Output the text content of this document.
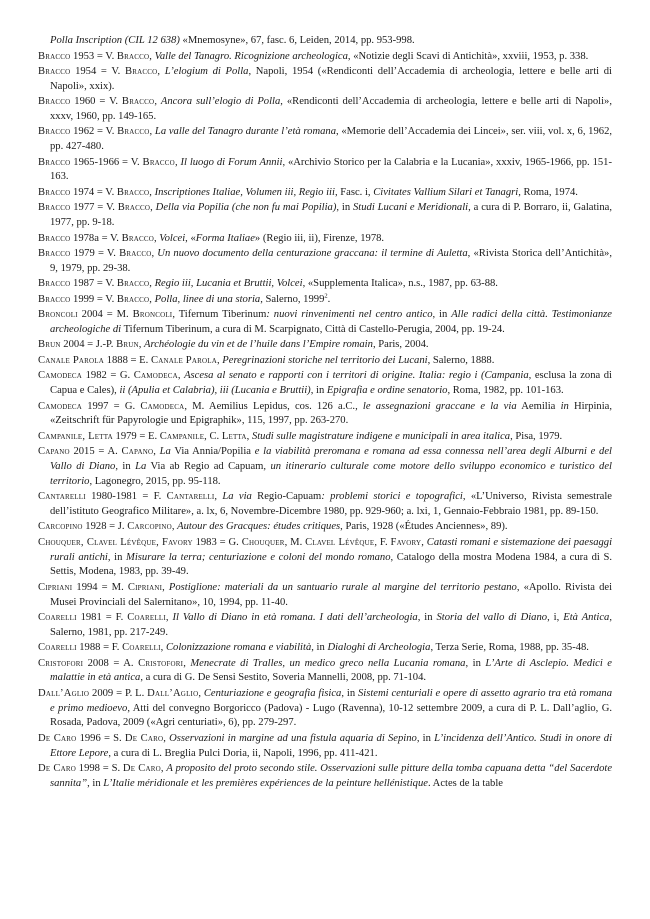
Polla Inscription (CIL 12 638) «Mnemosyne», 67, fasc. 6, Leiden, 2014, pp. 953-998.

Bracco 1953 = V. Bracco, Valle del Tanagro. Ricognizione archeologica, «Notizie degli Scavi di Antichità», xxviii, 1953, p. 338.

Bracco 1954 = V. Bracco, L’elogium di Polla, Napoli, 1954 («Rendiconti dell’Accademia di archeologia, lettere e belle arti di Napoli», xxix).

Bracco 1960 = V. Bracco, Ancora sull’elogio di Polla, «Rendiconti dell’Accademia di archeologia, lettere e belle arti di Napoli», xxxv, 1960, pp. 149-165.

Bracco 1962 = V. Bracco, La valle del Tanagro durante l’età romana, «Memorie dell’Accademia dei Lincei», ser. viii, vol. x, 6, 1962, pp. 427-480.

Bracco 1965-1966 = V. Bracco, Il luogo di Forum Annii, «Archivio Storico per la Calabria e la Lucania», xxxiv, 1965-1966, pp. 151-163.

Bracco 1974 = V. Bracco, Inscriptiones Italiae, Volumen iii, Regio iii, Fasc. i, Civitates Vallium Silari et Tanagri, Roma, 1974.

Bracco 1977 = V. Bracco, Della via Popilia (che non fu mai Popilia), in Studi Lucani e Meridionali, a cura di P. Borraro, ii, Galatina, 1977, pp. 9-18.

Bracco 1978a = V. Bracco, Volcei, «Forma Italiae» (Regio iii, ii), Firenze, 1978.

Bracco 1979 = V. Bracco, Un nuovo documento della centurazione graccana: il termine di Auletta, «Rivista Storica dell’Antichità», 9, 1979, pp. 29-38.

Bracco 1987 = V. Bracco, Regio iii, Lucania et Bruttii, Volcei, «Supplementa Italica», n.s., 1987, pp. 63-88.

Bracco 1999 = V. Bracco, Polla, linee di una storia, Salerno, 1999$^2$.

Broncoli 2004 = M. Broncoli, Tifernum Tiberinum: nuovi rinvenimenti nel centro antico, in Alle radici della città. Testimonianze archeologiche di Tifernum Tiberinum, a cura di M. Scarpignato, Città di Castello-Perugia, 2004, pp. 19-24.

Brun 2004 = J.-P. Brun, Archéologie du vin et de l’huile dans l’Empire romain, Paris, 2004.

Canale Parola 1888 = E. Canale Parola, Peregrinazioni storiche nel territorio dei Lucani, Salerno, 1888.

Camodeca 1982 = G. Camodeca, Ascesa al senato e rapporti con i territori di origine. Italia: regio i (Campania, esclusa la zona di Capua e Cales), ii (Apulia et Calabria), iii (Lucania e Bruttii), in Epigrafia e ordine senatorio, Roma, 1982, pp. 101-163.

Camodeca 1997 = G. Camodeca, M. Aemilius Lepidus, cos. 126 a.C., le assegnazioni graccane e la via Aemilia in Hirpinia, «Zeitschrift für Papyrologie und Epigraphik», 115, 1997, pp. 263-270.

Campanile, Letta 1979 = E. Campanile, C. Letta, Studi sulle magistrature indigene e municipali in area italica, Pisa, 1979.

Capano 2015 = A. Capano, La Via Annia/Popilia e la viabilità preromana e romana ad essa connessa nell’area degli Alburni e del Vallo di Diano, in La Via ab Regio ad Capuam, un itinerario culturale come motore dello sviluppo economico e turistico del territorio, Lagonegro, 2015, pp. 95-118.

Cantarelli 1980-1981 = F. Cantarelli, La via Regio-Capuam: problemi storici e topografici, «L’Universo, Rivista semestrale dell’istituto Geografico Militare», a. lx, 6, Novembre-Dicembre 1980, pp. 929-960; a. lxi, 1, Gennaio-Febbraio 1981, pp. 89-150.

Carcopino 1928 = J. Carcopino, Autour des Gracques: études critiques, Paris, 1928 («Études Anciennes», 89).

Chouquer, Clavel Lévêque, Favory 1983 = G. Chouquer, M. Clavel Lévêque, F. Favory, Catasti romani e sistemazione dei paesaggi rurali antichi, in Misurare la terra; centuriazione e coloni del mondo romano, Catalogo della mostra Modena 1984, a cura di S. Settis, Modena, 1983, pp. 39-49.

Cipriani 1994 = M. Cipriani, Postiglione: materiali da un santuario rurale al margine del territorio pestano, «Apollo. Rivista dei Musei Provinciali del Salernitano», 10, 1994, pp. 11-40.

Coarelli 1981 = F. Coarelli, Il Vallo di Diano in età romana. I dati dell’archeologia, in Storia del vallo di Diano, i, Età Antica, Salerno, 1981, pp. 217-249.

Coarelli 1988 = F. Coarelli, Colonizzazione romana e viabilità, in Dialoghi di Archeologia, Terza Serie, Roma, 1988, pp. 35-48.

Cristofori 2008 = A. Cristofori, Menecrate di Tralles, un medico greco nella Lucania romana, in L’Arte di Asclepio. Medici e malattie in età antica, a cura di G. De Sensi Sestito, Soveria Mannelli, 2008, pp. 71-104.

Dall’Aglio 2009 = P. L. Dall’Aglio, Centuriazione e geografia fisica, in Sistemi centuriali e opere di assetto agrario tra età romana e primo medioevo, Atti del convegno Borgoricco (Padova) - Lugo (Ravenna), 10-12 settembre 2009, a cura di P. L. Dall’aglio, G. Rosada, Padova, 2009 («Agri centuriati», 6), pp. 279-297.

De Caro 1996 = S. De Caro, Osservazioni in margine ad una fistula aquaria di Sepino, in L’incidenza dell’Antico. Studi in onore di Ettore Lepore, a cura di L. Breglia Pulci Doria, ii, Napoli, 1996, pp. 411-421.

De Caro 1998 = S. De Caro, A proposito del proto secondo stile. Osservazioni sulle pitture della tomba capuana detta “del Sacerdote sannita”, in L’Italie méridionale et les premières expériences de la peinture hellénistique. Actes de la table
